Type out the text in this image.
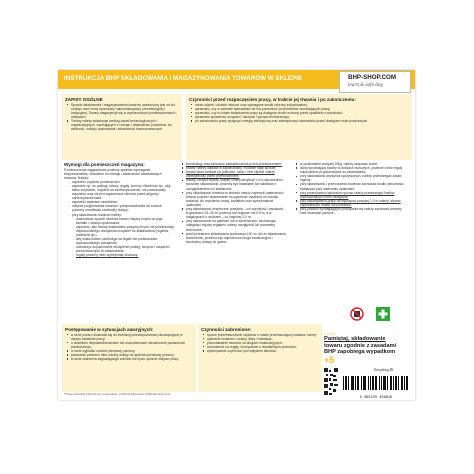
INSTRUKCJA BHP SKŁADOWANIA I MAGAZYNOWANIA TOWARÓW W SKLEPIE	BHP-SHOP.COM
learn & safe day
ZAPISY OGÓLNE
Sposób składowania i magazynowania towarów uzależniony jest od ich rodzaju oraz formy sprzedaży: samoobsługowej, preselekcyjnej i tradycyjnej. Towary magazynuje się w wyznaczonych pomieszczeniach i miejscach.
Towary należy składować według zasad technologicznych i organizacyjnych, wynikających z rodzaju i właściwości produktów, ich wielkości, rodzaju opakowania i właściwości towaroznawczych.
Czynności przed rozpoczęciem pracy, w trakcie jej trwania i po zakończeniu:
ubrać odzież i obuwie robocze oraz wymagane środki ochrony indywidualnej;
sprawdzić, czy w zakresie stanowiska nie ma przeszkód i przedmiotów utrudniających pracę;
sprawdzić, czy w czasie świadczenia pracy są dostępne środki ochrony przed upadkiem z wysokości;
sprawdzić sprawność urządzeń, narzędzi i sprzętu technicznego;
po zakończeniu pracy wyłączyć energię elektryczną oraz zabezpieczyć stanowisko przed dostępem osób postronnych.
Wymogi dla pomieszczeń magazynu:
Pomieszczenia magazynowe powinny spełniać wymagania bezpieczeństwa, stosownie do rodzaju i właściwości składowanych towarów. Należy:
- zapewnić czystość pomieszczeń;
- zapewnić np. do podłogi, ściany, regały, komory chłodnicze itp., aby łatwo zmywalne, odporne na zanieczyszczenie, nie powodowały zapylenia oraz nie jest zapewniona ochrona przed wilgocią i zanieczyszczeniami;
- zapewnić właściwe oświetlenie;
- miejsca przyjmowania towarów i przeprowadzania ich kontroli powinny umożliwiać swobodny dostęp;
- przy składowaniu towarów należy:
- dostosować sposób ułożenia towaru między innymi do jego kształtu i rodzaju opakowania;
- zapewnić, aby towary składowane powyżej innych nie przekraczały dopuszczalnego obciążenia urządzeń do składowania (regałów, podestów itp.);
- aby masa towaru ułożonego na regale nie przekraczała dopuszczalnego obciążenia;
- zaznaczyć dopuszczalne obciążenie podłóg, stropów i urządzeń przeznaczonych do składowania;
- regały powinny mieć wytrzymałą obudowę.
konstrukcję oraz stosowne zabezpieczenia przed przewróceniem;
towary należy układać w zaplanowany, możliwie stały sposób;
towary łatwo łamliwe na podłodze, szkło i inne ciężkie należy zabezpieczać przed przewróceniem;
towary, których wysoki, kształt i masa decyduje o ich odpowiednim sposobie składowania, powinny być ustawiane lub składane z uwzględnieniem ich stabilności;
przy składowaniu towarów w stosach należy zapewnić stateczność stosów poprzez składowanie na wysokość ustalonej od rodzaju towarów, ich wymiarów, masy, kształtów oraz wytrzymałości opakowań;
przy składowaniu bezpieczne przejścia – ich szerokość i wysokość w granicach 15–30 m² powinny być większe niż 0,9 m, a w magazynach z wózkami – co najmniej 2,0 m;
przy składowaniu na paletach lub w kontenerach, zachowując odległości między regałami, należy uwzględnić ich parametry techniczne;
jeżeli przestrzeń składowania przekracza 100 m² lub ze składowania kontenerów, powinna być zapewniona droga ewakuacyjna i swobodny dostęp do gaśnic.
w opakowaniu powyżej 20kg, należy stosować wózki;
sklep sprzedający towary w ilościach hurtowych, powinien mieć regały odpowiednio przystosowane do składowania;
przy składowaniu artykułów spożywczych, należy przestrzegać zasad higieny;
przy składowaniu i przenoszeniu towarów zachować środki ostrożności, zwłaszcza przy otwieraniu opakowań;
przy przenoszeniu ładunków ręcznie należy przestrzegać limitów dopuszczalnych norm dźwigania;
przy wykonywaniu pracy na wysokości powyżej 1,0 m należy używać odpowiednich drabin lub podestów;
przy pracach wymagających pochylania się należy zachować przerwy oraz stosować pomoce.
Postępowanie w sytuacjach awaryjnych:
w razie pożaru stosować się do instrukcji przeciwpożarowej obowiązującej w danym zakładzie pracy;
o wszelkich nieprawidłowościach lub uszkodzeniach niezwłocznie powiadomić przełożonego;
w razie wypadku udzielić pierwszej pomocy;
pracownik powinien mieć zdolny dostęp do apteczki pierwszej pomocy;
w razie zdarzenia zagrażającego zdrowiu lub życiu opuścić miejsce pracy.
Czynności zabronione:
ręczne przemieszczanie ciężarów o masie przekraczającej ustalone normy;
opieranie towarów o ściany, filary i instalacje;
pozostawianie towarów na drogach ewakuacyjnych;
wchodzenie na regały i korzystanie z niestabilnych podestów;
wykonywanie czynności pod wpływem alkoholu.
•••••••
Pamiętaj, składowanie
towaru zgodnie z zasadami
BHP zapobiega wypadkom
+5
Recycling ♻
5 905255 450016
*Prawo autorskie zastrzeżone. Kopiowanie i przedruk zabronione 2015 bhp-shop.com
